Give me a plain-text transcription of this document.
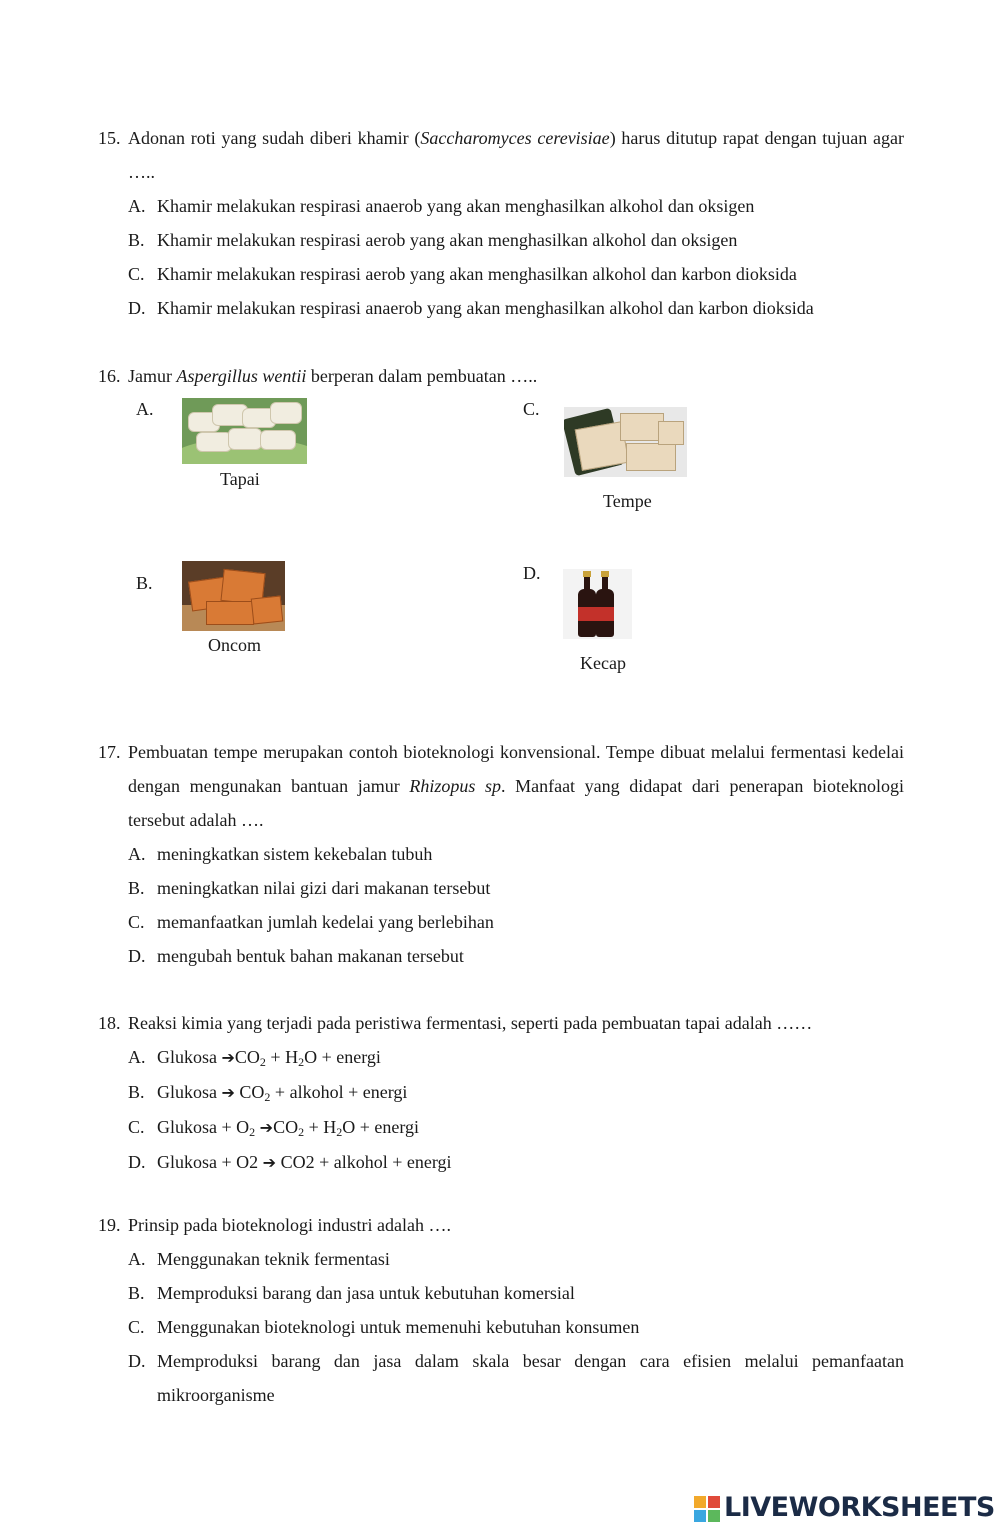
15. Adonan roti yang sudah diberi khamir (Saccharomyces cerevisiae) harus ditutup rapat dengan tujuan agar …..
A. Khamir melakukan respirasi anaerob yang akan menghasilkan alkohol dan oksigen
B. Khamir melakukan respirasi aerob yang akan menghasilkan alkohol dan oksigen
C. Khamir melakukan respirasi aerob yang akan menghasilkan alkohol dan karbon dioksida
D. Khamir melakukan respirasi anaerob yang akan menghasilkan alkohol dan karbon dioksida
16. Jamur Aspergillus wentii berperan dalam pembuatan …..
A.
Tapai
C.
Tempe
B.
Oncom
D.
Kecap
17. Pembuatan tempe merupakan contoh bioteknologi konvensional. Tempe dibuat melalui fermentasi kedelai dengan mengunakan bantuan jamur Rhizopus sp. Manfaat yang didapat dari penerapan bioteknologi tersebut adalah ….
A. meningkatkan sistem kekebalan tubuh
B. meningkatkan nilai gizi dari makanan tersebut
C. memanfaatkan jumlah kedelai yang berlebihan
D. mengubah bentuk bahan makanan tersebut
18. Reaksi kimia yang terjadi pada peristiwa fermentasi, seperti pada pembuatan tapai adalah ……
A. Glukosa $➔CO_2 + H_2O$ + energi
B. Glukosa ➔ $CO_2$ + alkohol + energi
C. Glukosa + $O_2$ $➔CO_2 + H_2O$ + energi
D. Glukosa + O2 ➔ CO2 + alkohol + energi
19. Prinsip pada bioteknologi industri adalah ….
A. Menggunakan teknik fermentasi
B. Memproduksi barang dan jasa untuk kebutuhan komersial
C. Menggunakan bioteknologi untuk memenuhi kebutuhan konsumen
D. Memproduksi barang dan jasa dalam skala besar dengan cara efisien melalui pemanfaatan mikroorganisme
LIVEWORKSHEETS
